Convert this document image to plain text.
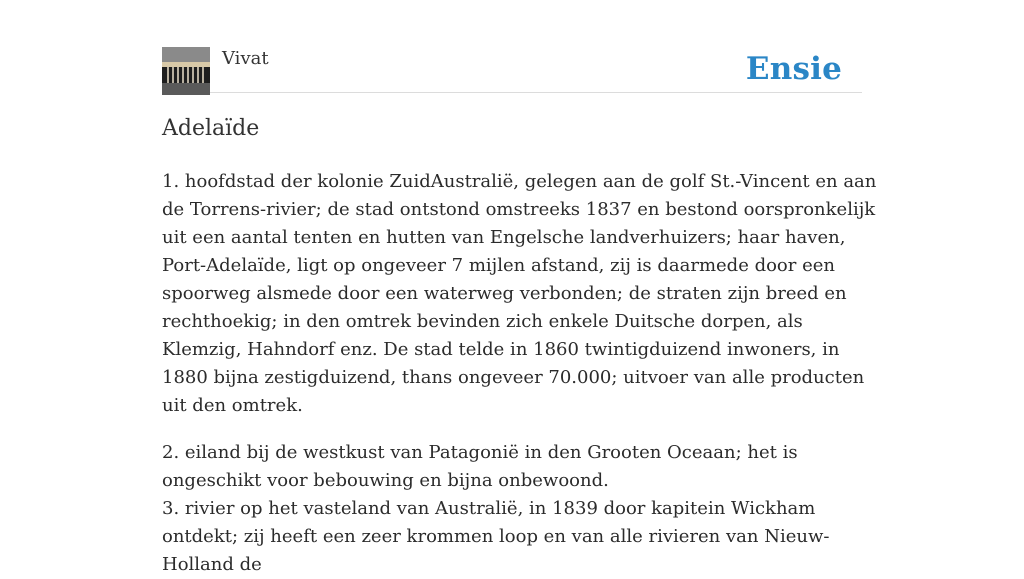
Vivat	Ensie
Adelaïde

1. hoofdstad der kolonie ZuidAustralië, gelegen aan de golf St.-Vincent en aan de Torrens-rivier; de stad ontstond omstreeks 1837 en bestond oorspronkelijk uit een aantal tenten en hutten van Engelsche landverhuizers; haar haven, Port-Adelaïde, ligt op ongeveer 7 mijlen afstand, zij is daarmede door een spoorweg alsmede door een waterweg verbonden; de straten zijn breed en rechthoekig; in den omtrek bevinden zich enkele Duitsche dorpen, als Klemzig, Hahndorf enz. De stad telde in 1860 twintigduizend inwoners, in 1880 bijna zestigduizend, thans ongeveer 70.000; uitvoer van alle producten uit den omtrek.

2. eiland bij de westkust van Patagonië in den Grooten Oceaan; het is ongeschikt voor bebouwing en bijna onbewoond.

3. rivier op het vasteland van Australië, in 1839 door kapitein Wickham ontdekt; zij heeft een zeer krommen loop en van alle rivieren van Nieuw-Holland de
